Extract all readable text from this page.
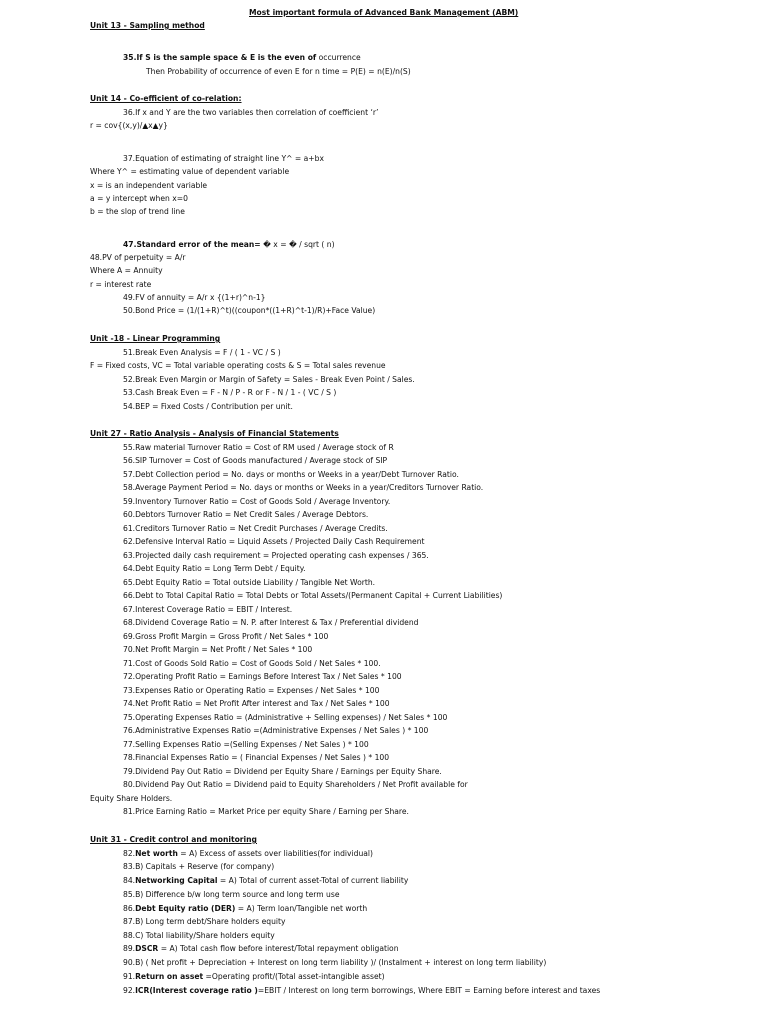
Most important formula of Advanced Bank Management (ABM)
Unit 13 - Sampling method
35.If S is the sample space & E is the even of occurrence
Then Probability of occurrence of even E for n time = P(E) = n(E)/n(S)
Unit 14 - Co-efficient of co-relation:
36.If x and Y are the two variables then correlation of coefficient ‘r’
r = cov{(x,y)/▲x▲y}
37.Equation of estimating of straight line Y^ = a+bx
Where Y^ = estimating value of dependent variable
x = is an independent variable
a = y intercept when x=0
b = the slop of trend line
47.Standard error of the mean= � x = � / sqrt ( n)
48.PV of perpetuity = A/r
Where A = Annuity
r = interest rate
49.FV of annuity = A/r x {(1+r)^n-1}
50.Bond Price = (1/(1+R)^t)((coupon*((1+R)^t-1)/R)+Face Value)
Unit -18 - Linear Programming
51.Break Even Analysis = F / ( 1 - VC / S )
F = Fixed costs, VC = Total variable operating costs & S = Total sales revenue
52.Break Even Margin or Margin of Safety = Sales - Break Even Point / Sales.
53.Cash Break Even = F - N / P - R or F - N / 1 - ( VC / S )
54.BEP = Fixed Costs / Contribution per unit.
Unit 27 - Ratio Analysis - Analysis of Financial Statements
55.Raw material Turnover Ratio = Cost of RM used / Average stock of R
56.SIP Turnover = Cost of Goods manufactured / Average stock of SIP
57.Debt Collection period = No. days or months or Weeks in a year/Debt Turnover Ratio.
58.Average Payment Period = No. days or months or Weeks in a year/Creditors Turnover Ratio.
59.Inventory Turnover Ratio = Cost of Goods Sold / Average Inventory.
60.Debtors Turnover Ratio = Net Credit Sales / Average Debtors.
61.Creditors Turnover Ratio = Net Credit Purchases / Average Credits.
62.Defensive Interval Ratio = Liquid Assets / Projected Daily Cash Requirement
63.Projected daily cash requirement = Projected operating cash expenses / 365.
64.Debt Equity Ratio = Long Term Debt / Equity.
65.Debt Equity Ratio = Total outside Liability / Tangible Net Worth.
66.Debt to Total Capital Ratio = Total Debts or Total Assets/(Permanent Capital + Current Liabilities)
67.Interest Coverage Ratio = EBIT / Interest.
68.Dividend Coverage Ratio = N. P. after Interest & Tax / Preferential dividend
69.Gross Profit Margin = Gross Profit / Net Sales * 100
70.Net Profit Margin = Net Profit / Net Sales * 100
71.Cost of Goods Sold Ratio = Cost of Goods Sold / Net Sales * 100.
72.Operating Profit Ratio = Earnings Before Interest Tax / Net Sales * 100
73.Expenses Ratio or Operating Ratio = Expenses / Net Sales * 100
74.Net Profit Ratio = Net Profit After interest and Tax / Net Sales * 100
75.Operating Expenses Ratio = (Administrative + Selling expenses) / Net Sales * 100
76.Administrative Expenses Ratio =(Administrative Expenses / Net Sales ) * 100
77.Selling Expenses Ratio =(Selling Expenses / Net Sales ) * 100
78.Financial Expenses Ratio = ( Financial Expenses / Net Sales ) * 100
79.Dividend Pay Out Ratio = Dividend per Equity Share / Earnings per Equity Share.
80.Dividend Pay Out Ratio = Dividend paid to Equity Shareholders / Net Profit available for
Equity Share Holders.
81.Price Earning Ratio = Market Price per equity Share / Earning per Share.
Unit 31 - Credit control and monitoring
82.Net worth = A) Excess of assets over liabilities(for individual)
83.B) Capitals + Reserve (for company)
84.Networking Capital = A) Total of current asset-Total of current liability
85.B) Difference b/w long term source and long term use
86.Debt Equity ratio (DER) = A) Term loan/Tangible net worth
87.B) Long term debt/Share holders equity
88.C) Total liability/Share holders equity
89.DSCR = A) Total cash flow before interest/Total repayment obligation
90.B) ( Net profit + Depreciation + Interest on long term liability )/ (Instalment + interest on long term liability)
91.Return on asset =Operating profit/(Total asset-intangible asset)
92.ICR(Interest coverage ratio )=EBIT / Interest on long term borrowings, Where EBIT = Earning before interest and taxes
